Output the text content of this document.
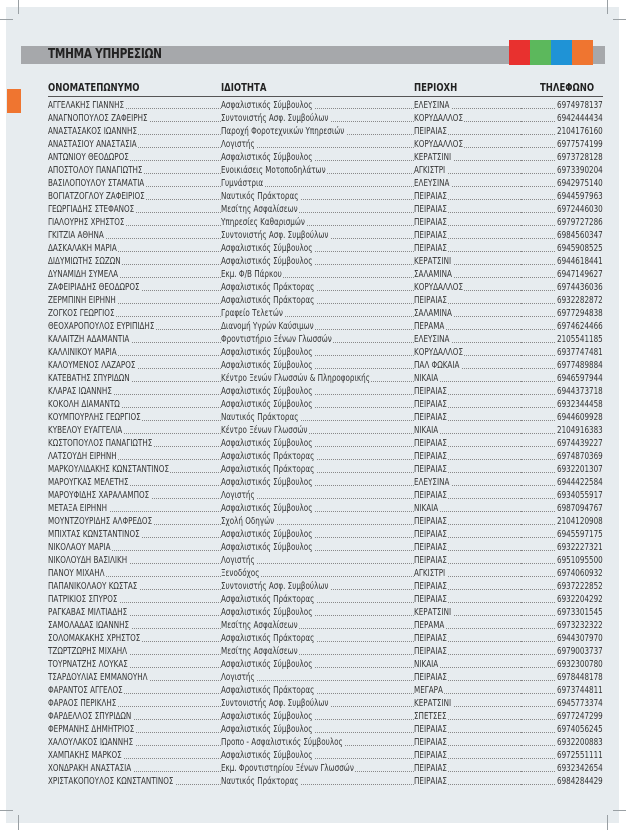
ΤΜΗΜΑ ΥΠΗΡΕΣΙΩΝ
ΟΝΟΜΑΤΕΠΩΝΥΜΟ	ΙΔΙΟΤΗΤΑ	ΠΕΡΙΟΧΗ	ΤΗΛΕΦΩΝΟ
ΑΓΓΕΛΑΚΗΣ ΓΙΑΝΝΗΣ	Ασφαλιστικός Σύμβουλος	ΕΛΕΥΣΙΝΑ	6974978137
ΑΝΑΓΝΟΠΟΥΛΟΣ ΖΑΦΕΙΡΗΣ	Συντονιστής Ασφ. Συμβούλων	ΚΟΡΥΔΑΛΛΟΣ	6942444434
ΑΝΑΣΤΑΣΑΚΟΣ ΙΩΑΝΝΗΣ	Παροχή Φοροτεχνικών Υπηρεσιών	ΠΕΙΡΑΙΑΣ	2104176160
ΑΝΑΣΤΑΣΙΟΥ ΑΝΑΣΤΑΣΙΑ	Λογιστής	ΚΟΡΥΔΑΛΛΟΣ	6977574199
ΑΝΤΩΝΙΟΥ ΘΕΟΔΩΡΟΣ	Ασφαλιστικός Σύμβουλος	ΚΕΡΑΤΣΙΝΙ	6973728128
ΑΠΟΣΤΟΛΟΥ ΠΑΝΑΓΙΩΤΗΣ	Ενοικιάσεις Μοτοποδηλάτων	ΑΓΚΙΣΤΡΙ	6973390204
ΒΑΣΙΛΟΠΟΥΛΟΥ ΣΤΑΜΑΤΙΑ	Γυμνάστρια	ΕΛΕΥΣΙΝΑ	6942975140
ΒΟΓΙΑΤΖΟΓΛΟΥ ΖΑΦΕΙΡΙΟΣ	Ναυτικός Πράκτορας	ΠΕΙΡΑΙΑΣ	6944597963
ΓΕΩΡΓΙΑΔΗΣ ΣΤΕΦΑΝΟΣ	Μεσίτης Ασφαλίσεων	ΠΕΙΡΑΙΑΣ	6972446030
ΓΙΑΛΟΥΡΗΣ ΧΡΗΣΤΟΣ	Υπηρεσίες Καθαρισμών	ΠΕΙΡΑΙΑΣ	6979727286
ΓΚΙΤΖΙΑ ΑΘΗΝΑ	Συντονιστής Ασφ. Συμβούλων	ΠΕΙΡΑΙΑΣ	6984560347
ΔΑΣΚΑΛΑΚΗ ΜΑΡΙΑ	Ασφαλιστικός Σύμβουλος	ΠΕΙΡΑΙΑΣ	6945908525
ΔΙΔΥΜΙΩΤΗΣ ΣΩΖΩΝ	Ασφαλιστικός Σύμβουλος	ΚΕΡΑΤΣΙΝΙ	6944618441
ΔΥΝΑΜΙΔΗ ΣΥΜΕΛΑ	Εκμ. Φ/Β Πάρκου	ΣΑΛΑΜΙΝΑ	6947149627
ΖΑΦΕΙΡΙΑΔΗΣ ΘΕΟΔΩΡΟΣ	Ασφαλιστικός Πράκτορας	ΚΟΡΥΔΑΛΛΟΣ	6974436036
ΖΕΡΜΠΙΝΗ ΕΙΡΗΝΗ	Ασφαλιστικός Πράκτορας	ΠΕΙΡΑΙΑΣ	6932282872
ΖΟΓΚΟΣ ΓΕΩΡΓΙΟΣ	Γραφείο Τελετών	ΣΑΛΑΜΙΝΑ	6977294838
ΘΕΟΧΑΡΟΠΟΥΛΟΣ ΕΥΡΙΠΙΔΗΣ	Διανομή Υγρών Καύσιμων	ΠΕΡΑΜΑ	6974624466
ΚΑΛΑΙΤΖΗ ΑΔΑΜΑΝΤΙΑ	Φροντιστήριο Ξένων Γλωσσών	ΕΛΕΥΣΙΝΑ	2105541185
ΚΑΛΛΙΝΙΚΟΥ ΜΑΡΙΑ	Ασφαλιστικός Σύμβουλος	ΚΟΡΥΔΑΛΛΟΣ	6937747481
ΚΑΛΟΥΜΕΝΟΣ ΛΑΖΑΡΟΣ	Ασφαλιστικός Σύμβουλος	ΠΑΛ ΦΩΚΑΙΑ	6977489884
ΚΑΤΕΒΑΤΗΣ ΣΠΥΡΙΔΩΝ	Κέντρο Ξενών Γλωσσών & Πληροφορικής	ΝΙΚΑΙΑ	6946597944
ΚΛΑΡΑΣ ΙΩΑΝΝΗΣ	Ασφαλιστικός Σύμβουλος	ΠΕΙΡΑΙΑΣ	6944373718
ΚΟΚΟΛΗ ΔΙΑΜΑΝΤΩ	Ασφαλιστικός Σύμβουλος	ΠΕΙΡΑΙΑΣ	6932344458
ΚΟΥΜΠΟΥΡΛΗΣ ΓΕΩΡΓΙΟΣ	Ναυτικός Πράκτορας	ΠΕΙΡΑΙΑΣ	6944609928
ΚΥΒΕΛΟΥ ΕΥΑΓΓΕΛΙΑ	Κέντρο Ξένων Γλωσσών	ΝΙΚΑΙΑ	2104916383
ΚΩΣΤΟΠΟΥΛΟΣ ΠΑΝΑΓΙΩΤΗΣ	Ασφαλιστικός Σύμβουλος	ΠΕΙΡΑΙΑΣ	6974439227
ΛΑΤΣΟΥΔΗ ΕΙΡΗΝΗ	Ασφαλιστικός Πράκτορας	ΠΕΙΡΑΙΑΣ	6974870369
ΜΑΡΚΟΥΛΙΔΑΚΗΣ ΚΩΝΣΤΑΝΤΙΝΟΣ	Ασφαλιστικός Πράκτορας	ΠΕΙΡΑΙΑΣ	6932201307
ΜΑΡΟΥΓΚΑΣ ΜΕΛΕΤΗΣ	Ασφαλιστικός Σύμβουλος	ΕΛΕΥΣΙΝΑ	6944422584
ΜΑΡΟΥΦΙΔΗΣ ΧΑΡΑΛΑΜΠΟΣ	Λογιστής	ΠΕΙΡΑΙΑΣ	6934055917
ΜΕΤΑΞΑ ΕΙΡΗΝΗ	Ασφαλιστικός Σύμβουλος	ΝΙΚΑΙΑ	6987094767
ΜΟΥΝΤΖΟΥΡΙΔΗΣ ΑΛΦΡΕΔΟΣ	Σχολή Οδηγών	ΠΕΙΡΑΙΑΣ	2104120908
ΜΠΙΧΤΑΣ ΚΩΝΣΤΑΝΤΙΝΟΣ	Ασφαλιστικός Σύμβουλος	ΠΕΙΡΑΙΑΣ	6945597175
ΝΙΚΟΛΑΟΥ ΜΑΡΙΑ	Ασφαλιστικός Σύμβουλος	ΠΕΙΡΑΙΑΣ	6932227321
ΝΙΚΟΛΟΥΔΗ ΒΑΣΙΛΙΚΗ	Λογιστής	ΠΕΙΡΑΙΑΣ	6951095500
ΠΑΝΟΥ ΜΙΧΑΗΛ	Ξενοδόχος	ΑΓΚΙΣΤΡΙ	6974060932
ΠΑΠΑΝΙΚΟΛΑΟΥ ΚΩΣΤΑΣ	Συντονιστής Ασφ. Συμβούλων	ΠΕΙΡΑΙΑΣ	6937222852
ΠΑΤΡΙΚΙΟΣ ΣΠΥΡΟΣ	Ασφαλιστικός Πράκτορας	ΠΕΙΡΑΙΑΣ	6932204292
ΡΑΓΚΑΒΑΣ ΜΙΛΤΙΑΔΗΣ	Ασφαλιστικός Σύμβουλος	ΚΕΡΑΤΣΙΝΙ	6973301545
ΣΑΜΟΛΑΔΑΣ ΙΩΑΝΝΗΣ	Μεσίτης Ασφαλίσεων	ΠΕΡΑΜΑ	6973232322
ΣΟΛΟΜΑΚΑΚΗΣ ΧΡΗΣΤΟΣ	Ασφαλιστικός Πράκτορας	ΠΕΙΡΑΙΑΣ	6944307970
ΤΖΩΡΤΖΩΡΗΣ ΜΙΧΑΗΛ	Μεσίτης Ασφαλίσεων	ΠΕΙΡΑΙΑΣ	6979003737
ΤΟΥΡΝΑΤΖΗΣ ΛΟΥΚΑΣ	Ασφαλιστικός Σύμβουλος	ΝΙΚΑΙΑ	6932300780
ΤΣΑΡΔΟΥΛΙΑΣ ΕΜΜΑΝΟΥΗΛ	Λογιστής	ΠΕΙΡΑΙΑΣ	6978448178
ΦΑΡΑΝΤΟΣ ΑΓΓΕΛΟΣ	Ασφαλιστικός Πράκτορας	ΜΕΓΑΡΑ	6973744811
ΦΑΡΑΟΣ ΠΕΡΙΚΛΗΣ	Συντονιστής Ασφ. Συμβούλων	ΚΕΡΑΤΣΙΝΙ	6945773374
ΦΑΡΔΕΛΛΟΣ ΣΠΥΡΙΔΩΝ	Ασφαλιστικός Σύμβουλος	ΣΠΕΤΣΕΣ	6977247299
ΦΕΡΜΑΝΗΣ ΔΗΜΗΤΡΙΟΣ	Ασφαλιστικός Σύμβουλος	ΠΕΙΡΑΙΑΣ	6974056245
ΧΑΛΟΥΛΑΚΟΣ ΙΩΑΝΝΗΣ	Προπο - Ασφαλιστικός Σύμβουλος	ΠΕΙΡΑΙΑΣ	6932200883
ΧΑΜΠΑΚΗΣ ΜΑΡΚΟΣ	Ασφαλιστικός Σύμβουλος	ΠΕΙΡΑΙΑΣ	6972551111
ΧΟΝΔΡΑΚΗ ΑΝΑΣΤΑΣΙΑ	Εκμ. Φροντιστηρίου Ξένων Γλωσσών	ΠΕΙΡΑΙΑΣ	6932342654
ΧΡΙΣΤΑΚΟΠΟΥΛΟΣ ΚΩΝΣΤΑΝΤΙΝΟΣ	Ναυτικός Πράκτορας	ΠΕΙΡΑΙΑΣ	6984284429
